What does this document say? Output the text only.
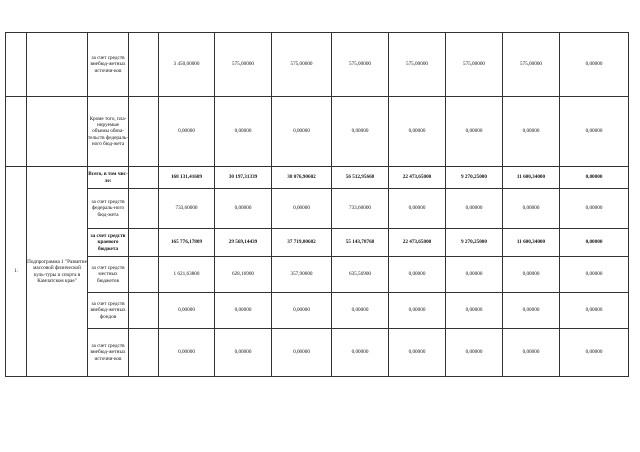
		за счет средств внебюд-жетных источни-ков		3 450,00000	575,00000	575,00000	575,00000	575,00000	575,00000	575,00000	0,00000
		Кроме того, пла-нируемые объемы обяза-тельств федераль-ного бюд-жета		0,00000	0,00000	0,00000	0,00000	0,00000	0,00000	0,00000	0,00000
1.	Подпрограмма 1 "Развитие массовой физической куль-туры и спорта в Камчатском крае"	Всего, в том чис-ле:		168 131,41609	30 197,31339	38 076,90602	56 512,95668	22 473,65000	9 270,25000	11 600,34000	0,00000
		за счет средств федераль-ного бюд-жета		733,60000	0,00000	0,00000	733,60000	0,00000	0,00000	0,00000	0,00000
		за счет средств краевого бюджета		165 776,17809	29 569,14439	37 719,00602	55 143,78768	22 473,65000	9 270,25000	11 600,34000	0,00000
		за счет средств местных бюджетов		1 621,63800	628,16900	357,90000	635,56900	0,00000	0,00000	0,00000	0,00000
		за счет средств внебюд-жетных фондов		0,00000	0,00000	0,00000	0,00000	0,00000	0,00000	0,00000	0,00000
		за счет средств внебюд-жетных источни-ков		0,00000	0,00000	0,00000	0,00000	0,00000	0,00000	0,00000	0,00000
